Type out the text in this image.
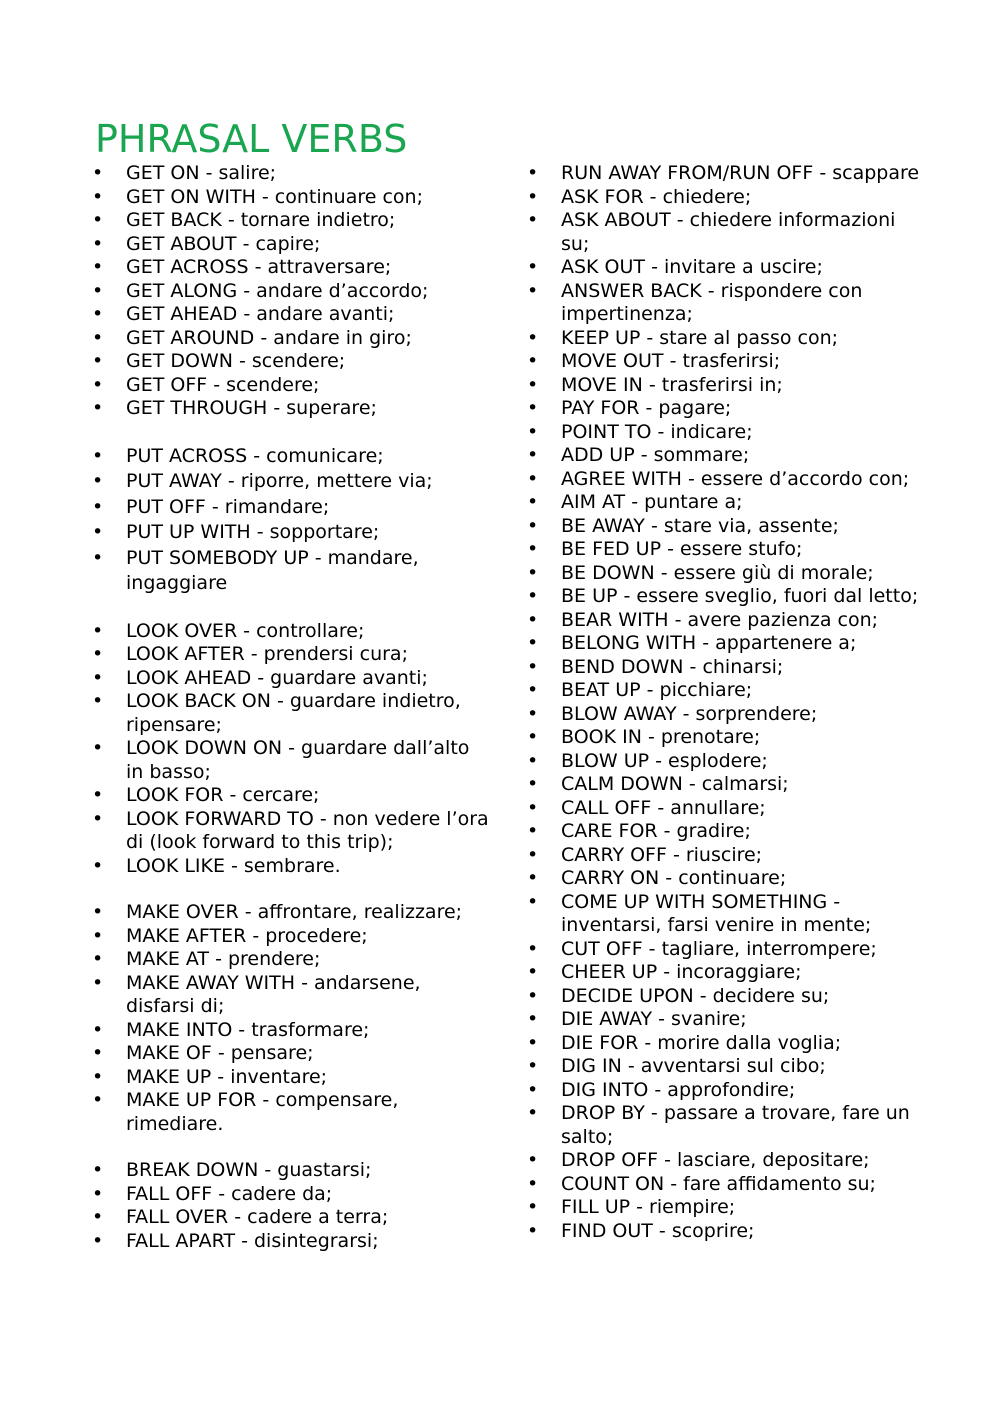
PHRASAL VERBS
• GET ON - salire;
• GET ON WITH - continuare con;
• GET BACK - tornare indietro;
• GET ABOUT - capire;
• GET ACROSS - attraversare;
• GET ALONG - andare d’accordo;
• GET AHEAD - andare avanti;
• GET AROUND - andare in giro;
• GET DOWN - scendere;
• GET OFF - scendere;
• GET THROUGH - superare;
• PUT ACROSS - comunicare;
• PUT AWAY - riporre, mettere via;
• PUT OFF - rimandare;
• PUT UP WITH - sopportare;
• PUT SOMEBODY UP - mandare, ingaggiare
• LOOK OVER - controllare;
• LOOK AFTER - prendersi cura;
• LOOK AHEAD - guardare avanti;
• LOOK BACK ON - guardare indietro, ripensare;
• LOOK DOWN ON - guardare dall’alto in basso;
• LOOK FOR - cercare;
• LOOK FORWARD TO - non vedere l’ora di (look forward to this trip);
• LOOK LIKE - sembrare.
• MAKE OVER - affrontare, realizzare;
• MAKE AFTER - procedere;
• MAKE AT - prendere;
• MAKE AWAY WITH - andarsene, disfarsi di;
• MAKE INTO - trasformare;
• MAKE OF - pensare;
• MAKE UP - inventare;
• MAKE UP FOR - compensare, rimediare.
• BREAK DOWN - guastarsi;
• FALL OFF - cadere da;
• FALL OVER - cadere a terra;
• FALL APART - disintegrarsi;
• RUN AWAY FROM/RUN OFF - scappare
• ASK FOR - chiedere;
• ASK ABOUT - chiedere informazioni su;
• ASK OUT - invitare a uscire;
• ANSWER BACK - rispondere con impertinenza;
• KEEP UP - stare al passo con;
• MOVE OUT - trasferirsi;
• MOVE IN - trasferirsi in;
• PAY FOR - pagare;
• POINT TO - indicare;
• ADD UP - sommare;
• AGREE WITH - essere d’accordo con;
• AIM AT - puntare a;
• BE AWAY - stare via, assente;
• BE FED UP - essere stufo;
• BE DOWN - essere giù di morale;
• BE UP - essere sveglio, fuori dal letto;
• BEAR WITH - avere pazienza con;
• BELONG WITH - appartenere a;
• BEND DOWN - chinarsi;
• BEAT UP - picchiare;
• BLOW AWAY - sorprendere;
• BOOK IN - prenotare;
• BLOW UP - esplodere;
• CALM DOWN - calmarsi;
• CALL OFF - annullare;
• CARE FOR - gradire;
• CARRY OFF - riuscire;
• CARRY ON - continuare;
• COME UP WITH SOMETHING - inventarsi, farsi venire in mente;
• CUT OFF - tagliare, interrompere;
• CHEER UP - incoraggiare;
• DECIDE UPON - decidere su;
• DIE AWAY - svanire;
• DIE FOR - morire dalla voglia;
• DIG IN - avventarsi sul cibo;
• DIG INTO - approfondire;
• DROP BY - passare a trovare, fare un salto;
• DROP OFF - lasciare, depositare;
• COUNT ON - fare affidamento su;
• FILL UP - riempire;
• FIND OUT - scoprire;
